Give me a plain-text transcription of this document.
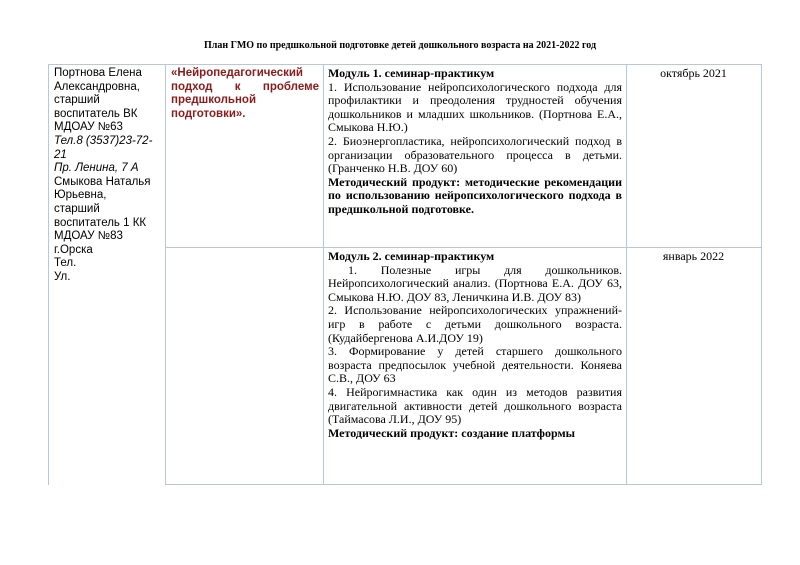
План ГМО по предшкольной подготовке детей дошкольного возраста на 2021-2022 год

Портнова Елена Александровна,

старший воспитатель ВК МДОАУ №63

Тел.8 (3537)23-72-21

Пр. Ленина, 7 А

Смыкова Наталья Юрьевна,

старший воспитатель 1 КК МДОАУ №83

г.Орска

Тел.

Ул.

«Нейропедагогический подход к проблеме предшкольной подготовки».

Модуль 1. семинар-практикум

1. Использование нейропсихологического подхода для профилактики и преодоления трудностей обучения дошкольников и младших школьников. (Портнова Е.А., Смыкова Н.Ю.)

2. Биоэнергопластика, нейропсихологический подход в организации образовательного процесса в детьми. (Гранченко Н.В. ДОУ 60)

Методический продукт: методические рекомендации по использованию нейропсихологического подхода в предшкольной подготовке.

октябрь 2021

Модуль 2. семинар-практикум

1. Полезные игры для дошкольников. Нейропсихологический анализ. (Портнова Е.А. ДОУ 63, Смыкова Н.Ю. ДОУ 83, Леничкина И.В. ДОУ 83)

2. Использование нейропсихологических упражнений-игр в работе с детьми дошкольного возраста. (Кудайбергенова А.И.ДОУ 19)

3. Формирование у детей старшего дошкольного возраста предпосылок учебной деятельности. Коняева С.В., ДОУ 63

4. Нейрогимнастика как один из методов развития двигательной активности детей дошкольного возраста (Таймасова Л.И., ДОУ 95)

Методический продукт: создание платформы

январь 2022
